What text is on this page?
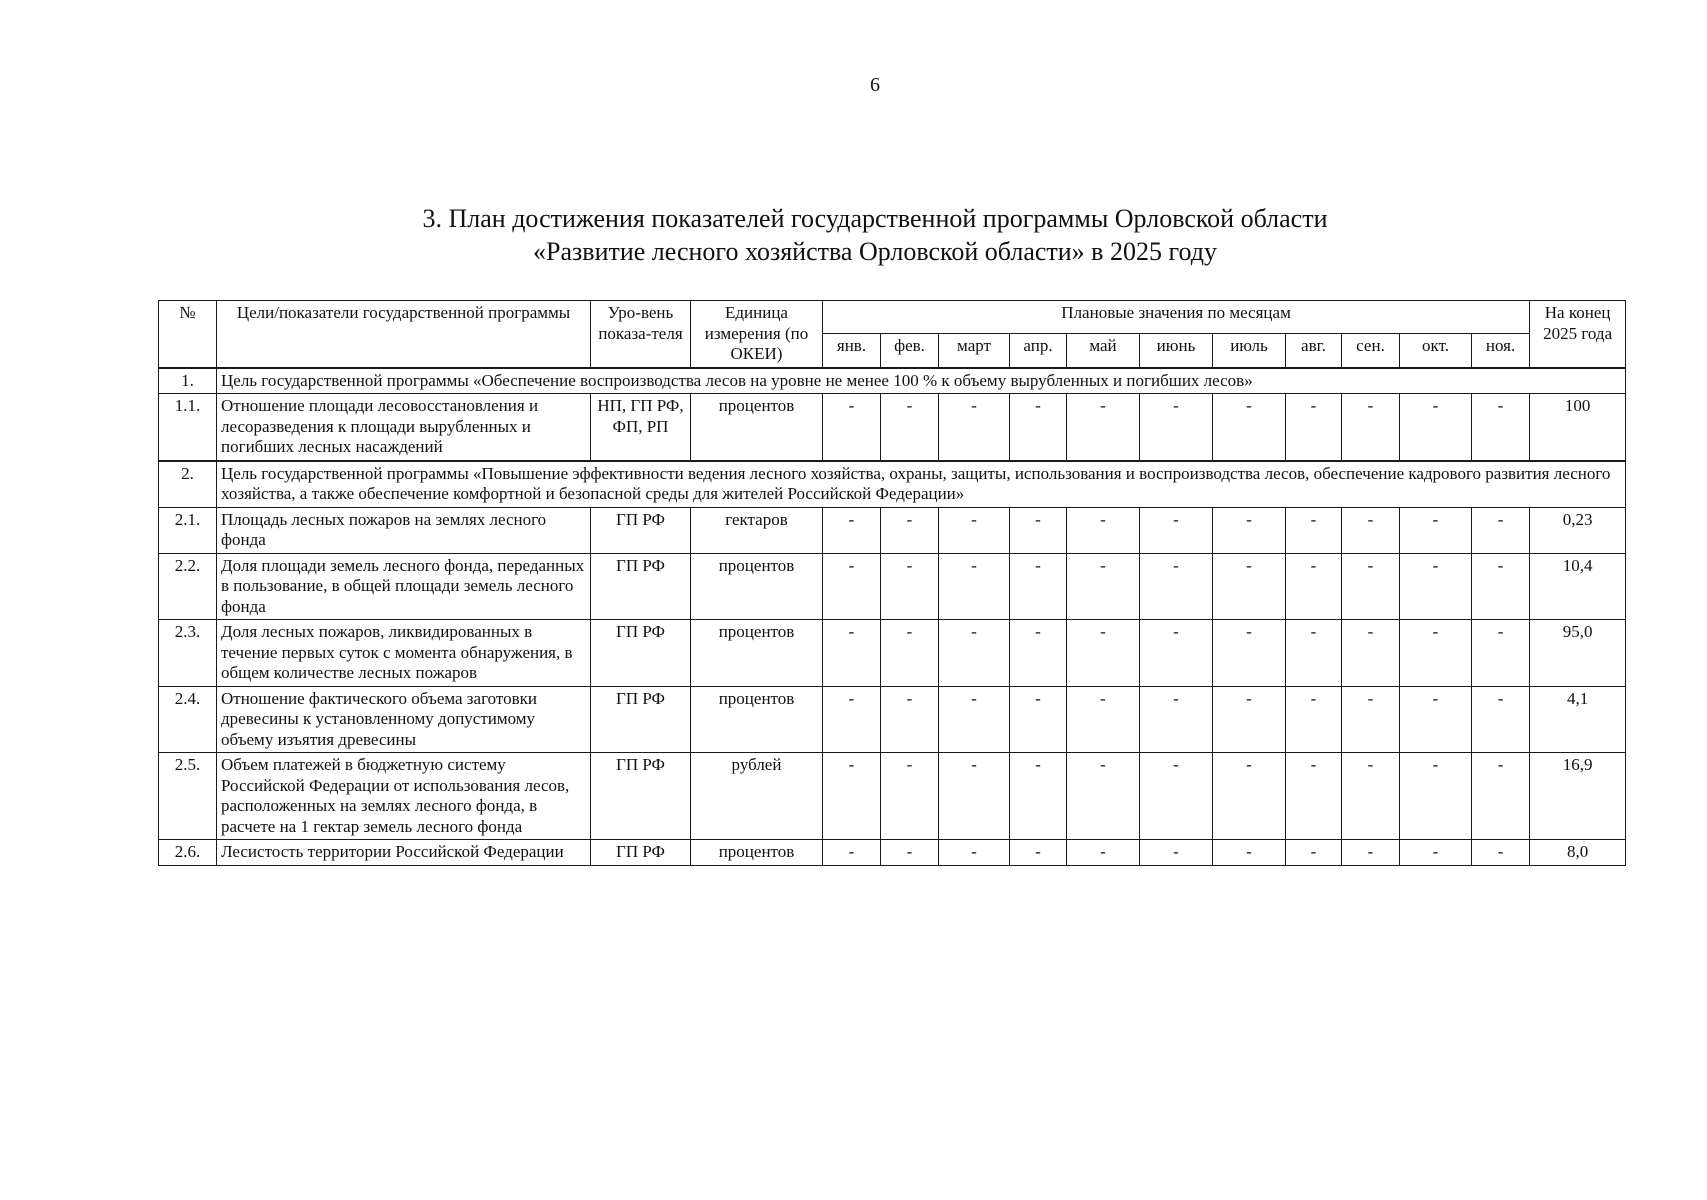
6
3. План достижения показателей государственной программы Орловской области
«Развитие лесного хозяйства Орловской области» в 2025 году
№	Цели/показатели государственной программы	Уро-вень показа-теля	Единица измерения (по ОКЕИ)	Плановые значения по месяцам											На конец 2025 года
				янв.	фев.	март	апр.	май	июнь	июль	авг.	сен.	окт.	ноя.	
1.	Цель государственной программы «Обеспечение воспроизводства лесов на уровне не менее 100 % к объему вырубленных и погибших лесов»														
1.1.	Отношение площади лесовосстановления и лесоразведения к площади вырубленных и погибших лесных насаждений	НП, ГП РФ, ФП, РП	процентов	-	-	-	-	-	-	-	-	-	-	-	100
2.	Цель государственной программы «Повышение эффективности ведения лесного хозяйства, охраны, защиты, использования и воспроизводства лесов, обеспечение кадрового развития лесного хозяйства, а также обеспечение комфортной и безопасной среды для жителей Российской Федерации»														
2.1.	Площадь лесных пожаров на землях лесного фонда	ГП РФ	гектаров	-	-	-	-	-	-	-	-	-	-	-	0,23
2.2.	Доля площади земель лесного фонда, переданных в пользование, в общей площади земель лесного фонда	ГП РФ	процентов	-	-	-	-	-	-	-	-	-	-	-	10,4
2.3.	Доля лесных пожаров, ликвидированных в течение первых суток с момента обнаружения, в общем количестве лесных пожаров	ГП РФ	процентов	-	-	-	-	-	-	-	-	-	-	-	95,0
2.4.	Отношение фактического объема заготовки древесины к установленному допустимому объему изъятия древесины	ГП РФ	процентов	-	-	-	-	-	-	-	-	-	-	-	4,1
2.5.	Объем платежей в бюджетную систему Российской Федерации от использования лесов, расположенных на землях лесного фонда, в расчете на 1 гектар земель лесного фонда	ГП РФ	рублей	-	-	-	-	-	-	-	-	-	-	-	16,9
2.6.	Лесистость территории Российской Федерации	ГП РФ	процентов	-	-	-	-	-	-	-	-	-	-	-	8,0
